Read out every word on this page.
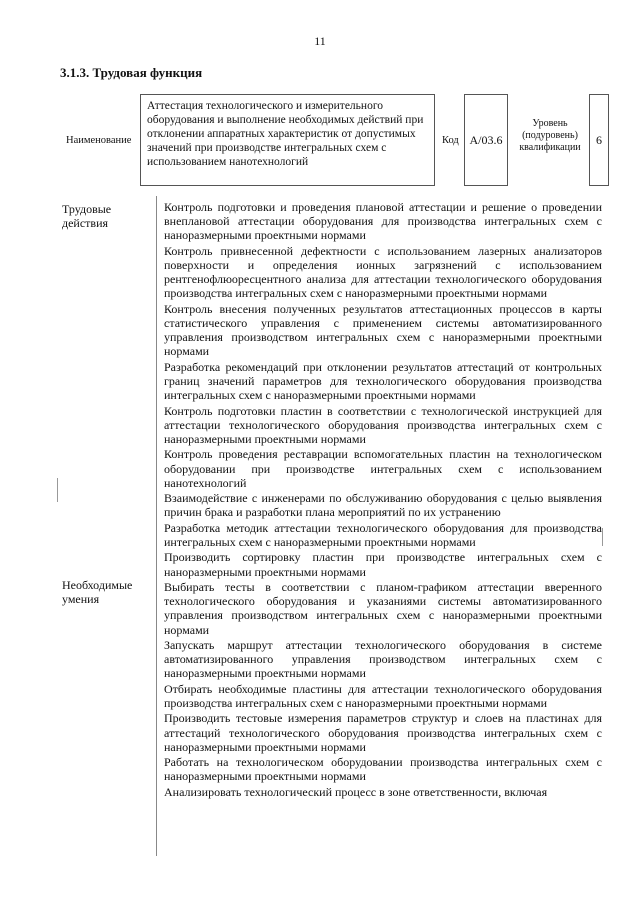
11
3.1.3. Трудовая функция
Наименование
Аттестация технологического и измерительного оборудования и выполнение необходимых действий при отклонении аппаратных характеристик от допустимых значений при производстве интегральных схем с использованием нанотехнологий
Код A/03.6
Уровень (подуровень) квалификации
6
Трудовые действия
Необходимые умения
Контроль подготовки и проведения плановой аттестации и решение о проведении внеплановой аттестации оборудования для производства интегральных схем с наноразмерными проектными нормами
Контроль привнесенной дефектности с использованием лазерных анализаторов поверхности и определения ионных загрязнений с использованием рентгенофлюоресцентного анализа для аттестации технологического оборудования производства интегральных схем с наноразмерными проектными нормами
Контроль внесения полученных результатов аттестационных процессов в карты статистического управления с применением системы автоматизированного управления производством интегральных схем с наноразмерными проектными нормами
Разработка рекомендаций при отклонении результатов аттестаций от контрольных границ значений параметров для технологического оборудования производства интегральных схем с наноразмерными проектными нормами
Контроль подготовки пластин в соответствии с технологической инструкцией для аттестации технологического оборудования производства интегральных схем с наноразмерными проектными нормами
Контроль проведения реставрации вспомогательных пластин на технологическом оборудовании при производстве интегральных схем с использованием нанотехнологий
Взаимодействие с инженерами по обслуживанию оборудования с целью выявления причин брака и разработки плана мероприятий по их устранению
Разработка методик аттестации технологического оборудования для производства интегральных схем с наноразмерными проектными нормами
Производить сортировку пластин при производстве интегральных схем с наноразмерными проектными нормами
Выбирать тесты в соответствии с планом-графиком аттестации вверенного технологического оборудования и указаниями системы автоматизированного управления производством интегральных схем с наноразмерными проектными нормами
Запускать маршрут аттестации технологического оборудования в системе автоматизированного управления производством интегральных схем с наноразмерными проектными нормами
Отбирать необходимые пластины для аттестации технологического оборудования производства интегральных схем с наноразмерными проектными нормами
Производить тестовые измерения параметров структур и слоев на пластинах для аттестаций технологического оборудования производства интегральных схем с наноразмерными проектными нормами
Работать на технологическом оборудовании производства интегральных схем с наноразмерными проектными нормами
Анализировать технологический процесс в зоне ответственности, включая
